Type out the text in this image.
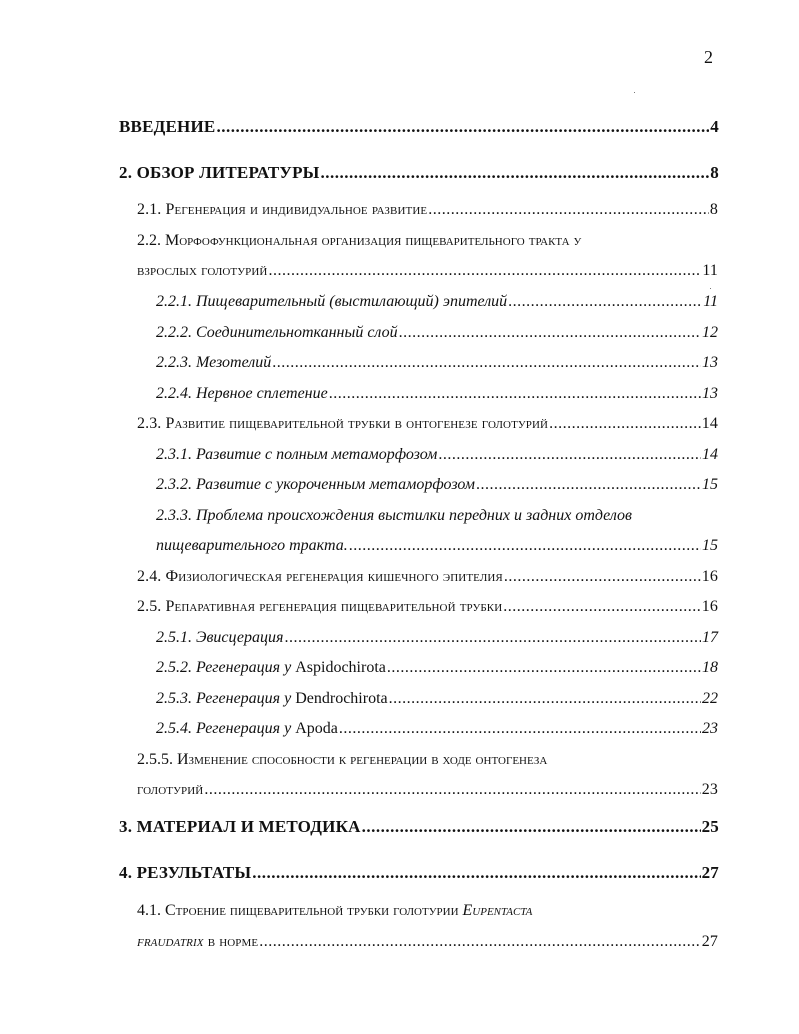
2
ВВЕДЕНИЕ .....	4
2. ОБЗОР ЛИТЕРАТУРЫ .....	8
2.1. Регенерация и индивидуальное развитие .....	8
2.2. Морфофункциональная организация пищеварительного тракта у
взрослых голотурий .....	11
2.2.1. Пищеварительный (выстилающий) эпителий .....	11
2.2.2. Соединительнотканный слой .....	12
2.2.3. Мезотелий .....	13
2.2.4. Нервное сплетение .....	13
2.3. Развитие пищеварительной трубки в онтогенезе голотурий .....	14
2.3.1. Развитие с полным метаморфозом .....	14
2.3.2. Развитие с укороченным метаморфозом .....	15
2.3.3. Проблема происхождения выстилки передних и задних отделов
пищеварительного тракта. .....	15
2.4. Физиологическая регенерация кишечного эпителия .....	16
2.5. Репаративная регенерация пищеварительной трубки .....	16
2.5.1. Эвисцерация .....	17
2.5.2. Регенерация у Aspidochirota .....	18
2.5.3. Регенерация у Dendrochirota .....	22
2.5.4. Регенерация у Apoda .....	23
2.5.5. Изменение способности к регенерации в ходе онтогенеза
голотурий .....	23
3. МАТЕРИАЛ И МЕТОДИКА .....	25
4. РЕЗУЛЬТАТЫ .....	27
4.1. Строение пищеварительной трубки голотурии Eupentacta
fraudatrix в норме .....	27
